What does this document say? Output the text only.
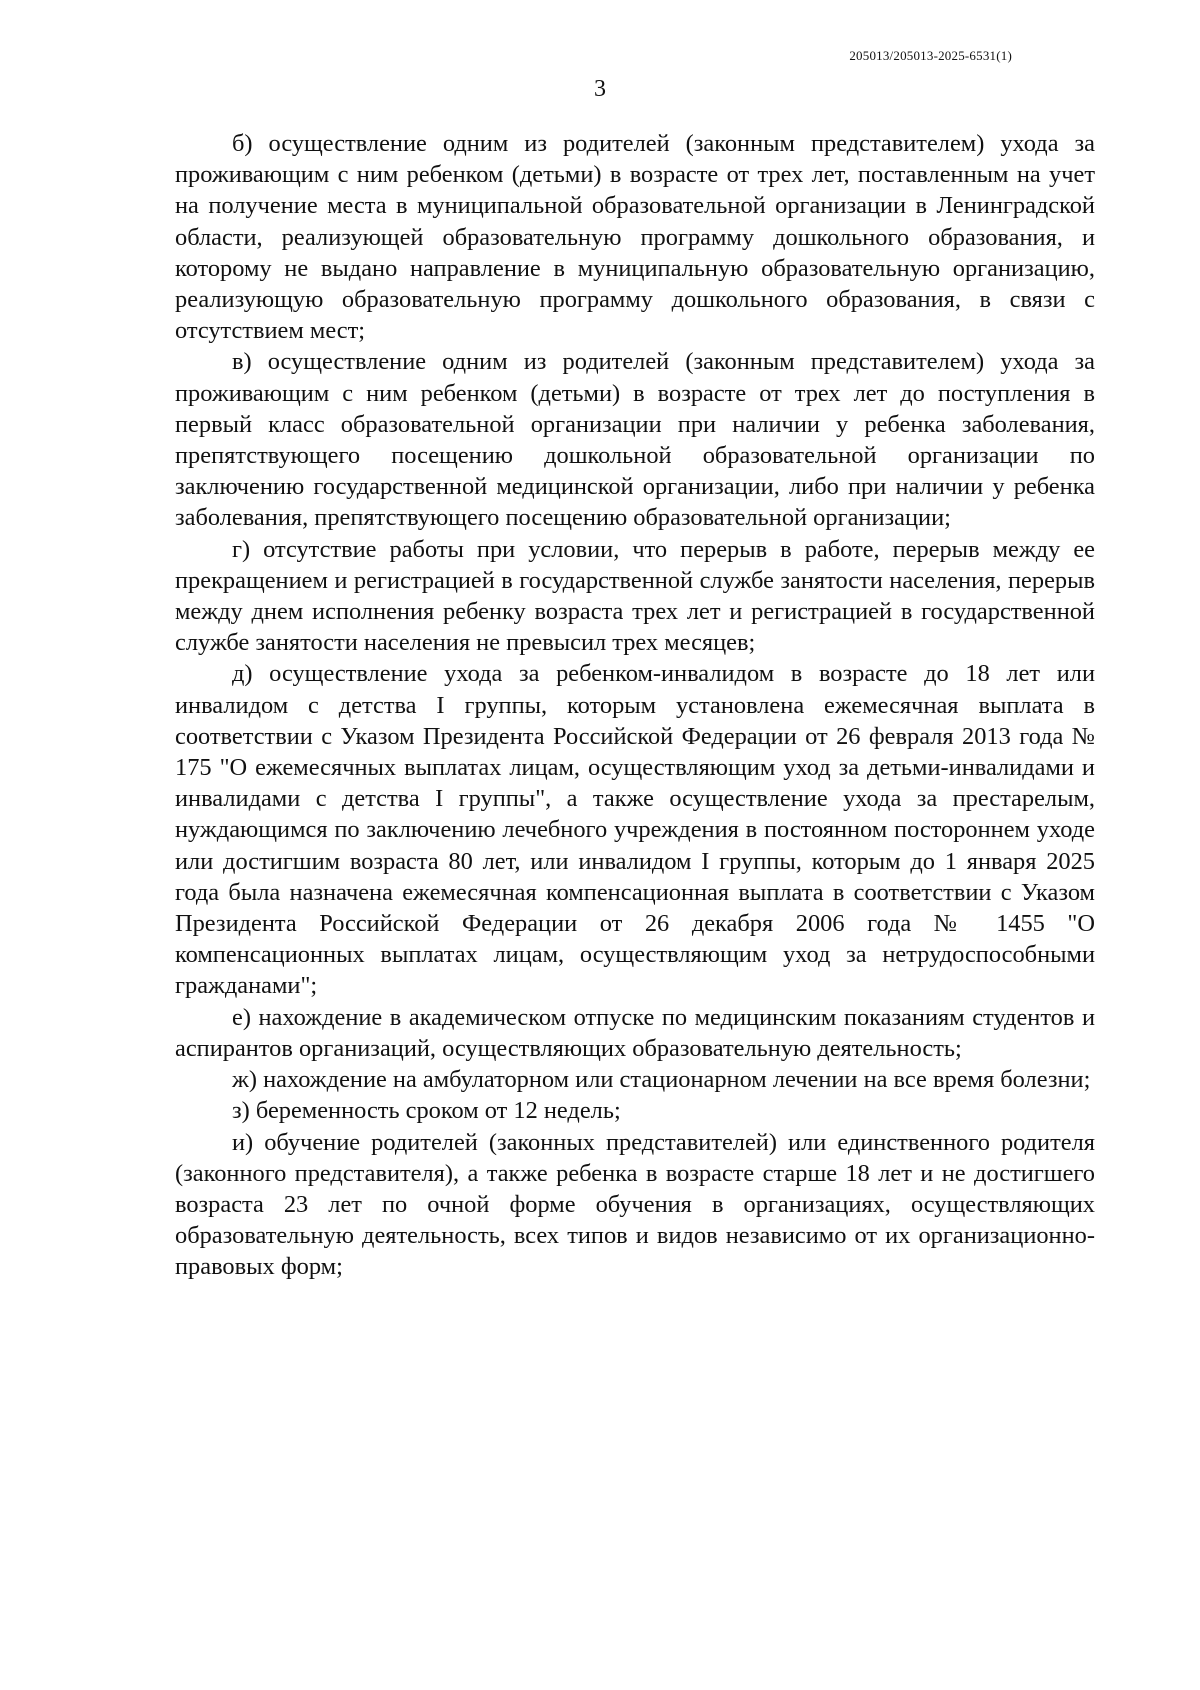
205013/205013-2025-6531(1)
3

б) осуществление одним из родителей (законным представителем) ухода за проживающим с ним ребенком (детьми) в возрасте от трех лет, поставленным на учет на получение места в муниципальной образовательной организации в Ленинградской области, реализующей образовательную программу дошкольного образования, и которому не выдано направление в муниципальную образовательную организацию, реализующую образовательную программу дошкольного образования, в связи с отсутствием мест;

в) осуществление одним из родителей (законным представителем) ухода за проживающим с ним ребенком (детьми) в возрасте от трех лет до поступления в первый класс образовательной организации при наличии у ребенка заболевания, препятствующего посещению дошкольной образовательной организации по заключению государственной медицинской организации, либо при наличии у ребенка заболевания, препятствующего посещению образовательной организации;

г) отсутствие работы при условии, что перерыв в работе, перерыв между ее прекращением и регистрацией в государственной службе занятости населения, перерыв между днем исполнения ребенку возраста трех лет и регистрацией в государственной службе занятости населения не превысил трех месяцев;

д) осуществление ухода за ребенком-инвалидом в возрасте до 18 лет или инвалидом с детства I группы, которым установлена ежемесячная выплата в соответствии с Указом Президента Российской Федерации от 26 февраля 2013 года № 175 "О ежемесячных выплатах лицам, осуществляющим уход за детьми-инвалидами и инвалидами с детства I группы", а также осуществление ухода за престарелым, нуждающимся по заключению лечебного учреждения в постоянном постороннем уходе или достигшим возраста 80 лет, или инвалидом I группы, которым до 1 января 2025 года была назначена ежемесячная компенсационная выплата в соответствии с Указом Президента Российской Федерации от 26 декабря 2006 года № 1455 "О компенсационных выплатах лицам, осуществляющим уход за нетрудоспособными гражданами";

е) нахождение в академическом отпуске по медицинским показаниям студентов и аспирантов организаций, осуществляющих образовательную деятельность;

ж) нахождение на амбулаторном или стационарном лечении на все время болезни;

з) беременность сроком от 12 недель;

и) обучение родителей (законных представителей) или единственного родителя (законного представителя), а также ребенка в возрасте старше 18 лет и не достигшего возраста 23 лет по очной форме обучения в организациях, осуществляющих образовательную деятельность, всех типов и видов независимо от их организационно-правовых форм;
